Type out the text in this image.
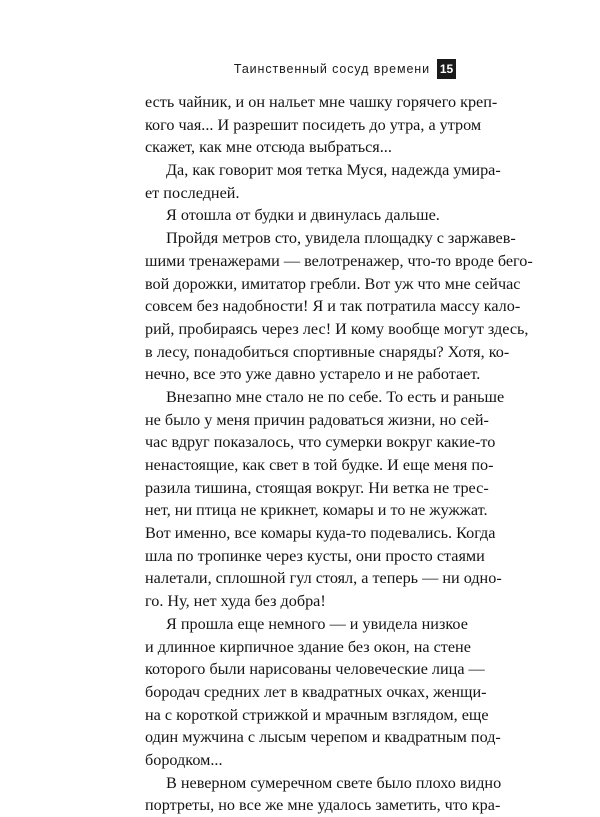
Таинственный сосуд времени 15
есть чайник, и он нальет мне чашку горячего креп-
кого чая... И разрешит посидеть до утра, а утром
скажет, как мне отсюда выбраться...
Да, как говорит моя тетка Муся, надежда умира-
ет последней.
Я отошла от будки и двинулась дальше.
Пройдя метров сто, увидела площадку с заржавев-
шими тренажерами — велотренажер, что-то вроде бего-
вой дорожки, имитатор гребли. Вот уж что мне сейчас
совсем без надобности! Я и так потратила массу кало-
рий, пробираясь через лес! И кому вообще могут здесь,
в лесу, понадобиться спортивные снаряды? Хотя, ко-
нечно, все это уже давно устарело и не работает.
Внезапно мне стало не по себе. То есть и раньше
не было у меня причин радоваться жизни, но сей-
час вдруг показалось, что сумерки вокруг какие-то
ненастоящие, как свет в той будке. И еще меня по-
разила тишина, стоящая вокруг. Ни ветка не трес-
нет, ни птица не крикнет, комары и то не жужжат.
Вот именно, все комары куда-то подевались. Когда
шла по тропинке через кусты, они просто стаями
налетали, сплошной гул стоял, а теперь — ни одно-
го. Ну, нет худа без добра!
Я прошла еще немного — и увидела низкое
и длинное кирпичное здание без окон, на стене
которого были нарисованы человеческие лица —
бородач средних лет в квадратных очках, женщи-
на с короткой стрижкой и мрачным взглядом, еще
один мужчина с лысым черепом и квадратным под-
бородком...
В неверном сумеречном свете было плохо видно
портреты, но все же мне удалось заметить, что кра-
